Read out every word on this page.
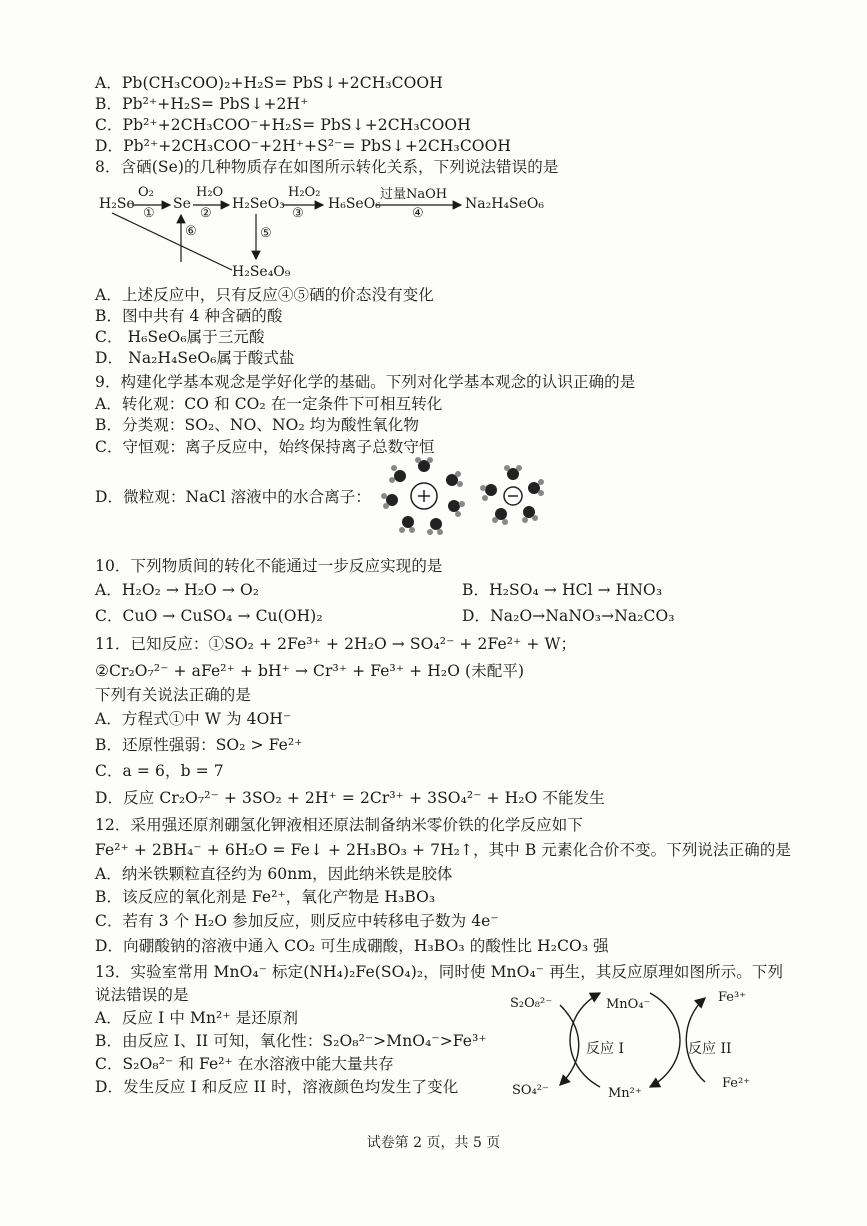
A．Pb(CH₃COO)₂+H₂S= PbS↓+2CH₃COOH
B．Pb²⁺+H₂S= PbS↓+2H⁺
C．Pb²⁺+2CH₃COO⁻+H₂S= PbS↓+2CH₃COOH
D．Pb²⁺+2CH₃COO⁻+2H⁺+S²⁻= PbS↓+2CH₃COOH
8．含硒(Se)的几种物质存在如图所示转化关系，下列说法错误的是
H₂Se
O₂
①
Se
H₂O
②
H₂SeO₃
H₂O₂
③
H₆SeO₆
过量NaOH
④
Na₂H₄SeO₆
⑥	⑤
H₂Se₄O₉
A．上述反应中，只有反应④⑤硒的价态没有变化
B．图中共有 4 种含硒的酸
C． H₆SeO₆属于三元酸
D． Na₂H₄SeO₆属于酸式盐
9．构建化学基本观念是学好化学的基础。下列对化学基本观念的认识正确的是
A．转化观：CO 和 CO₂ 在一定条件下可相互转化
B．分类观：SO₂、NO、NO₂ 均为酸性氧化物
C．守恒观：离子反应中，始终保持离子总数守恒
D．微粒观：NaCl 溶液中的水合离子：
10．下列物质间的转化不能通过一步反应实现的是
A．H₂O₂ → H₂O → O₂	B．H₂SO₄ → HCl → HNO₃
C．CuO → CuSO₄ → Cu(OH)₂	D．Na₂O→NaNO₃→Na₂CO₃
11．已知反应：①SO₂ + 2Fe³⁺ + 2H₂O → SO₄²⁻ + 2Fe²⁺ + W；
②Cr₂O₇²⁻ + aFe²⁺ + bH⁺ → Cr³⁺ + Fe³⁺ + H₂O (未配平)
下列有关说法正确的是
A．方程式①中 W 为 4OH⁻
B．还原性强弱：SO₂ > Fe²⁺
C．a = 6，b = 7
D．反应 Cr₂O₇²⁻ + 3SO₂ + 2H⁺ = 2Cr³⁺ + 3SO₄²⁻ + H₂O 不能发生
12．采用强还原剂硼氢化钾液相还原法制备纳米零价铁的化学反应如下
Fe²⁺ + 2BH₄⁻ + 6H₂O = Fe↓ + 2H₃BO₃ + 7H₂↑，其中 B 元素化合价不变。下列说法正确的是
A．纳米铁颗粒直径约为 60nm，因此纳米铁是胶体
B．该反应的氧化剂是 Fe²⁺，氧化产物是 H₃BO₃
C．若有 3 个 H₂O 参加反应，则反应中转移电子数为 4e⁻
D．向硼酸钠的溶液中通入 CO₂ 可生成硼酸，H₃BO₃ 的酸性比 H₂CO₃ 强
13．实验室常用 MnO₄⁻ 标定(NH₄)₂Fe(SO₄)₂，同时使 MnO₄⁻ 再生，其反应原理如图所示。下列
说法错误的是
A．反应 I 中 Mn²⁺ 是还原剂
B．由反应 I、II 可知，氧化性：S₂O₈²⁻>MnO₄⁻>Fe³⁺
C．S₂O₈²⁻ 和 Fe²⁺ 在水溶液中能大量共存
D．发生反应 I 和反应 II 时，溶液颜色均发生了变化
S₂O₈²⁻	MnO₄⁻	Fe³⁺
反应 I	反应 II
SO₄²⁻	Mn²⁺
Fe²⁺
试卷第 2 页，共 5 页
